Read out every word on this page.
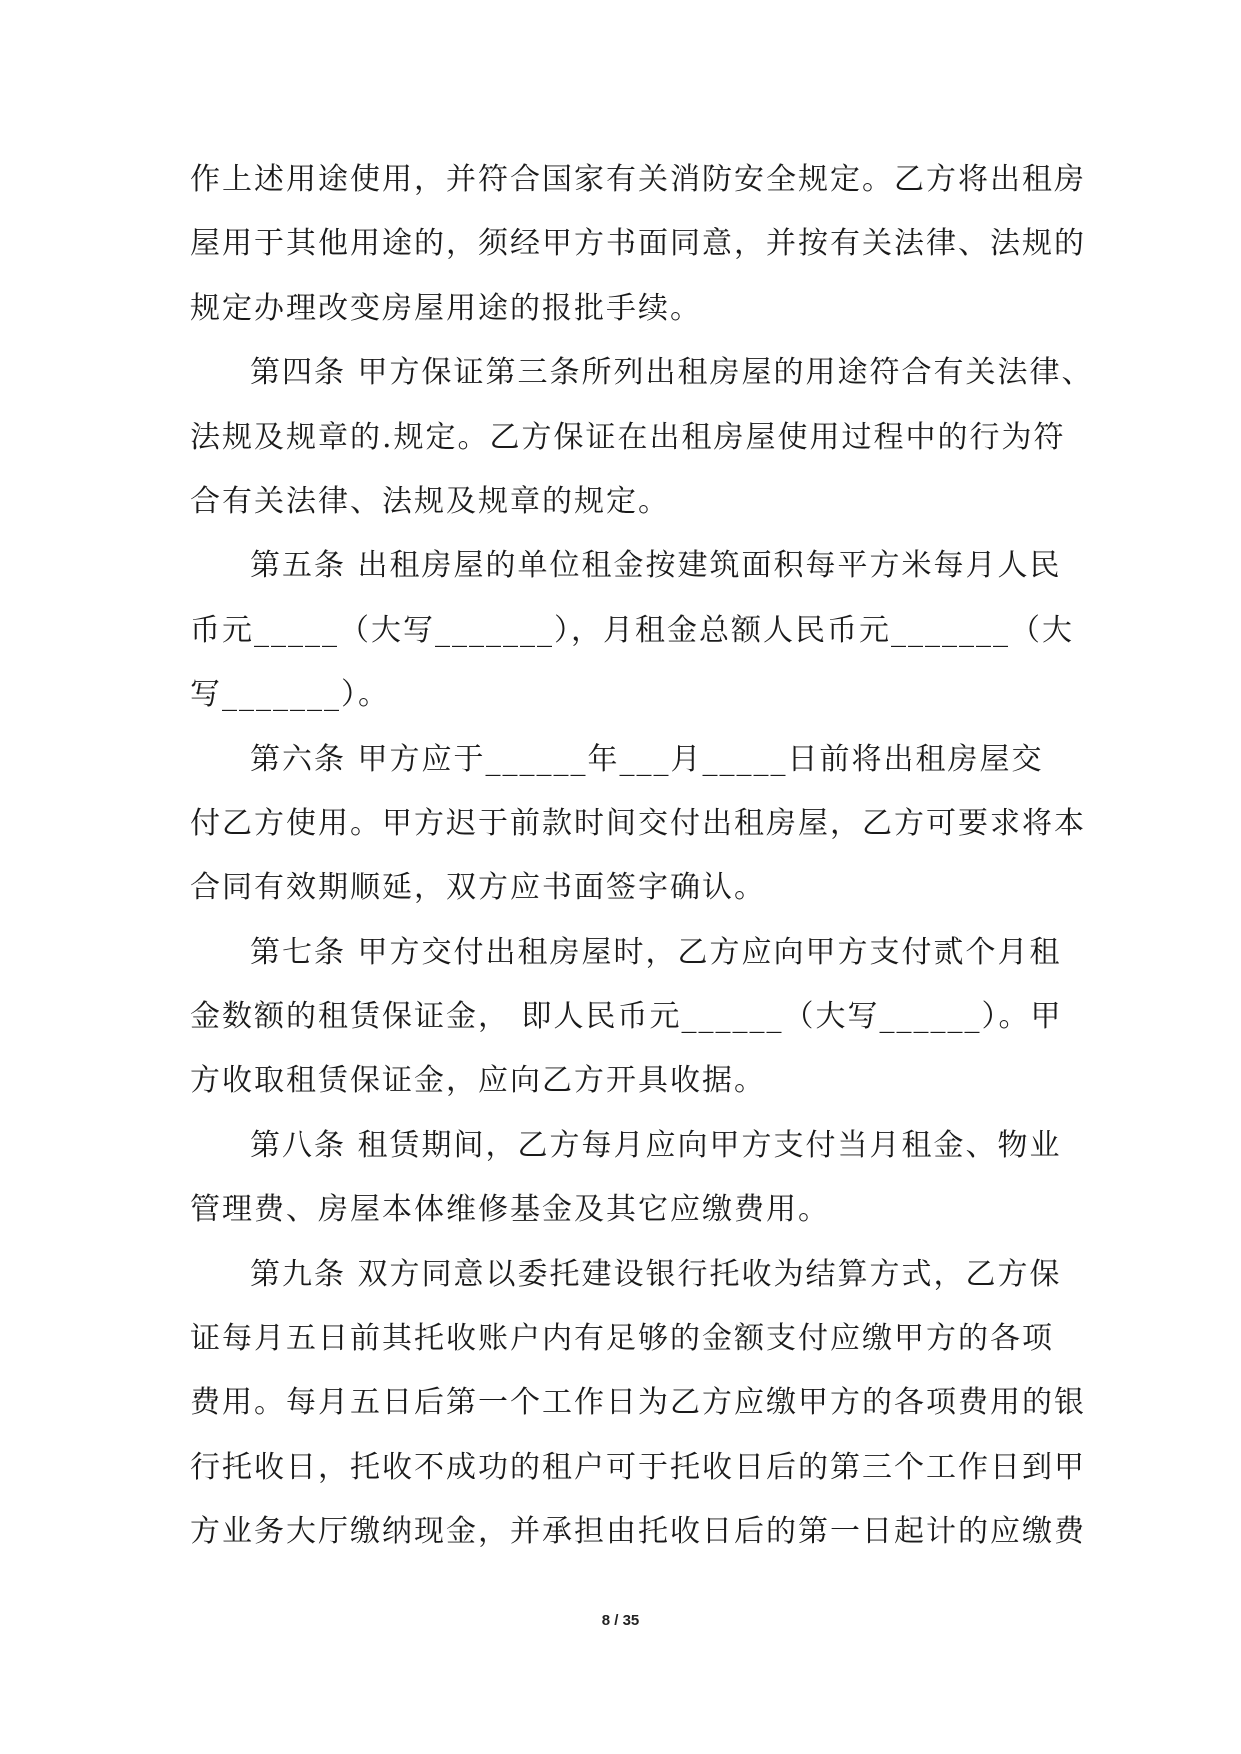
作上述用途使用，并符合国家有关消防安全规定。乙方将出租房
屋用于其他用途的，须经甲方书面同意，并按有关法律、法规的
规定办理改变房屋用途的报批手续。
第四条 甲方保证第三条所列出租房屋的用途符合有关法律、
法规及规章的.规定。乙方保证在出租房屋使用过程中的行为符
合有关法律、法规及规章的规定。
第五条 出租房屋的单位租金按建筑面积每平方米每月人民
币元_____（大写_______），月租金总额人民币元_______（大
写_______）。
第六条 甲方应于______年___月_____日前将出租房屋交
付乙方使用。甲方迟于前款时间交付出租房屋，乙方可要求将本
合同有效期顺延，双方应书面签字确认。
第七条 甲方交付出租房屋时，乙方应向甲方支付贰个月租
金数额的租赁保证金， 即人民币元______（大写______）。甲
方收取租赁保证金，应向乙方开具收据。
第八条 租赁期间，乙方每月应向甲方支付当月租金、物业
管理费、房屋本体维修基金及其它应缴费用。
第九条 双方同意以委托建设银行托收为结算方式，乙方保
证每月五日前其托收账户内有足够的金额支付应缴甲方的各项
费用。每月五日后第一个工作日为乙方应缴甲方的各项费用的银
行托收日，托收不成功的租户可于托收日后的第三个工作日到甲
方业务大厅缴纳现金，并承担由托收日后的第一日起计的应缴费
8 / 35
